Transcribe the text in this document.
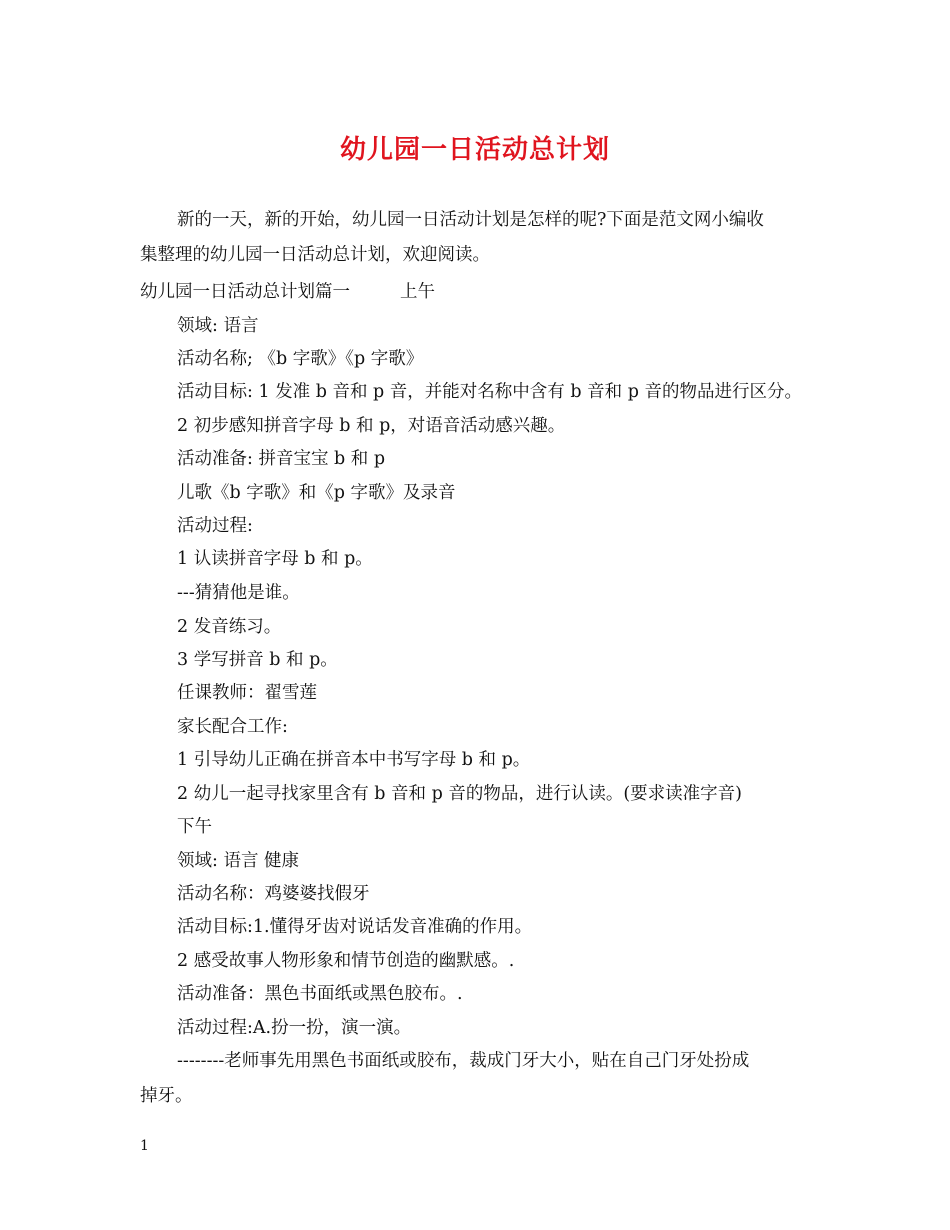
幼儿园一日活动总计划
新的一天，新的开始，幼儿园一日活动计划是怎样的呢?下面是范文网小编收
集整理的幼儿园一日活动总计划，欢迎阅读。
幼儿园一日活动总计划篇一	上午
领域: 语言
活动名称; 《b 字歌》《p 字歌》
活动目标: 1 发准 b 音和 p 音，并能对名称中含有 b 音和 p 音的物品进行区分。
2 初步感知拼音字母 b 和 p，对语音活动感兴趣。
活动准备: 拼音宝宝 b 和 p
儿歌《b 字歌》和《p 字歌》及录音
活动过程:
1 认读拼音字母 b 和 p。
---猜猜他是谁。
2 发音练习。
3 学写拼音 b 和 p。
任课教师：翟雪莲
家长配合工作:
1 引导幼儿正确在拼音本中书写字母 b 和 p。
2 幼儿一起寻找家里含有 b 音和 p 音的物品，进行认读。(要求读准字音)
下午
领域: 语言 健康
活动名称：鸡婆婆找假牙
活动目标:1.懂得牙齿对说话发音准确的作用。
2 感受故事人物形象和情节创造的幽默感。.
活动准备：黑色书面纸或黑色胶布。.
活动过程:A.扮一扮，演一演。
--------老师事先用黑色书面纸或胶布，裁成门牙大小，贴在自己门牙处扮成
掉牙。
1
